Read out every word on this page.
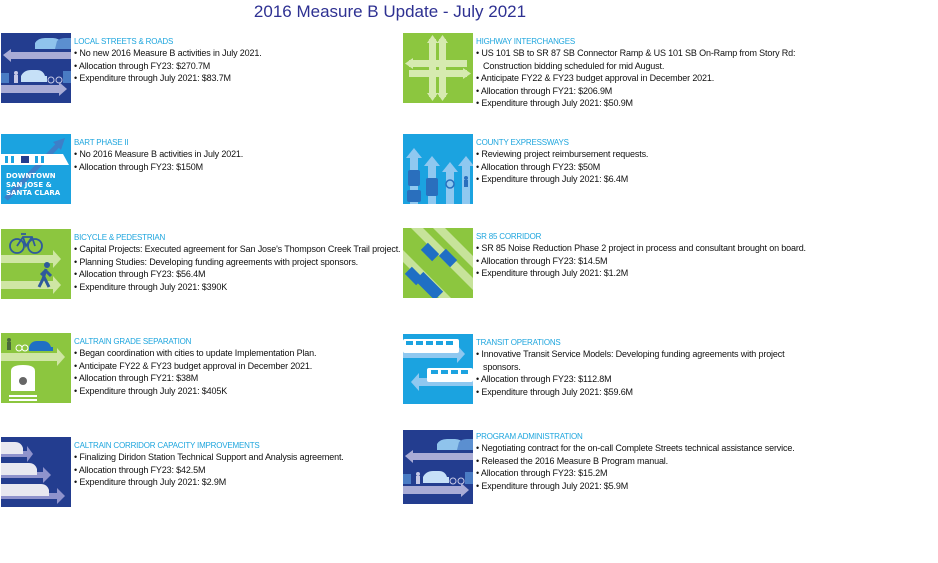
2016 Measure B Update - July 2021
LOCAL STREETS & ROADS
• No new 2016 Measure B activities in July 2021.
• Allocation through FY23: $270.7M
• Expenditure through July 2021: $83.7M
HIGHWAY INTERCHANGES
• US 101 SB to SR 87 SB Connector Ramp & US 101 SB On-Ramp from Story Rd:
Construction bidding scheduled for mid August.
• Anticipate FY22 & FY23 budget approval in December 2021.
• Allocation through FY21: $206.9M
• Expenditure through July 2021: $50.9M
DOWNTOWN
SAN JOSE &
SANTA CLARA
BART PHASE II
• No 2016 Measure B activities in July 2021.
• Allocation through FY23: $150M
COUNTY EXPRESSWAYS
• Reviewing project reimbursement requests.
• Allocation through FY23: $50M
• Expenditure through July 2021: $6.4M
BICYCLE & PEDESTRIAN
• Capital Projects: Executed agreement for San Jose's Thompson Creek Trail project.
• Planning Studies: Developing funding agreements with project sponsors.
• Allocation through FY23: $56.4M
• Expenditure through July 2021: $390K
SR 85 CORRIDOR
• SR 85 Noise Reduction Phase 2 project in process and consultant brought on board.
• Allocation through FY23: $14.5M
• Expenditure through July 2021: $1.2M
CALTRAIN GRADE SEPARATION
• Began coordination with cities to update Implementation Plan.
• Anticipate FY22 & FY23 budget approval in December 2021.
• Allocation through FY21: $38M
• Expenditure through July 2021: $405K
TRANSIT OPERATIONS
• Innovative Transit Service Models: Developing funding agreements with project
sponsors.
• Allocation through FY23: $112.8M
• Expenditure through July 2021: $59.6M
CALTRAIN CORRIDOR CAPACITY IMPROVEMENTS
• Finalizing Diridon Station Technical Support and Analysis agreement.
• Allocation through FY23: $42.5M
• Expenditure through July 2021: $2.9M
PROGRAM ADMINISTRATION
• Negotiating contract for the on-call Complete Streets technical assistance service.
• Released the 2016 Measure B Program manual.
• Allocation through FY23: $15.2M
• Expenditure through July 2021: $5.9M
